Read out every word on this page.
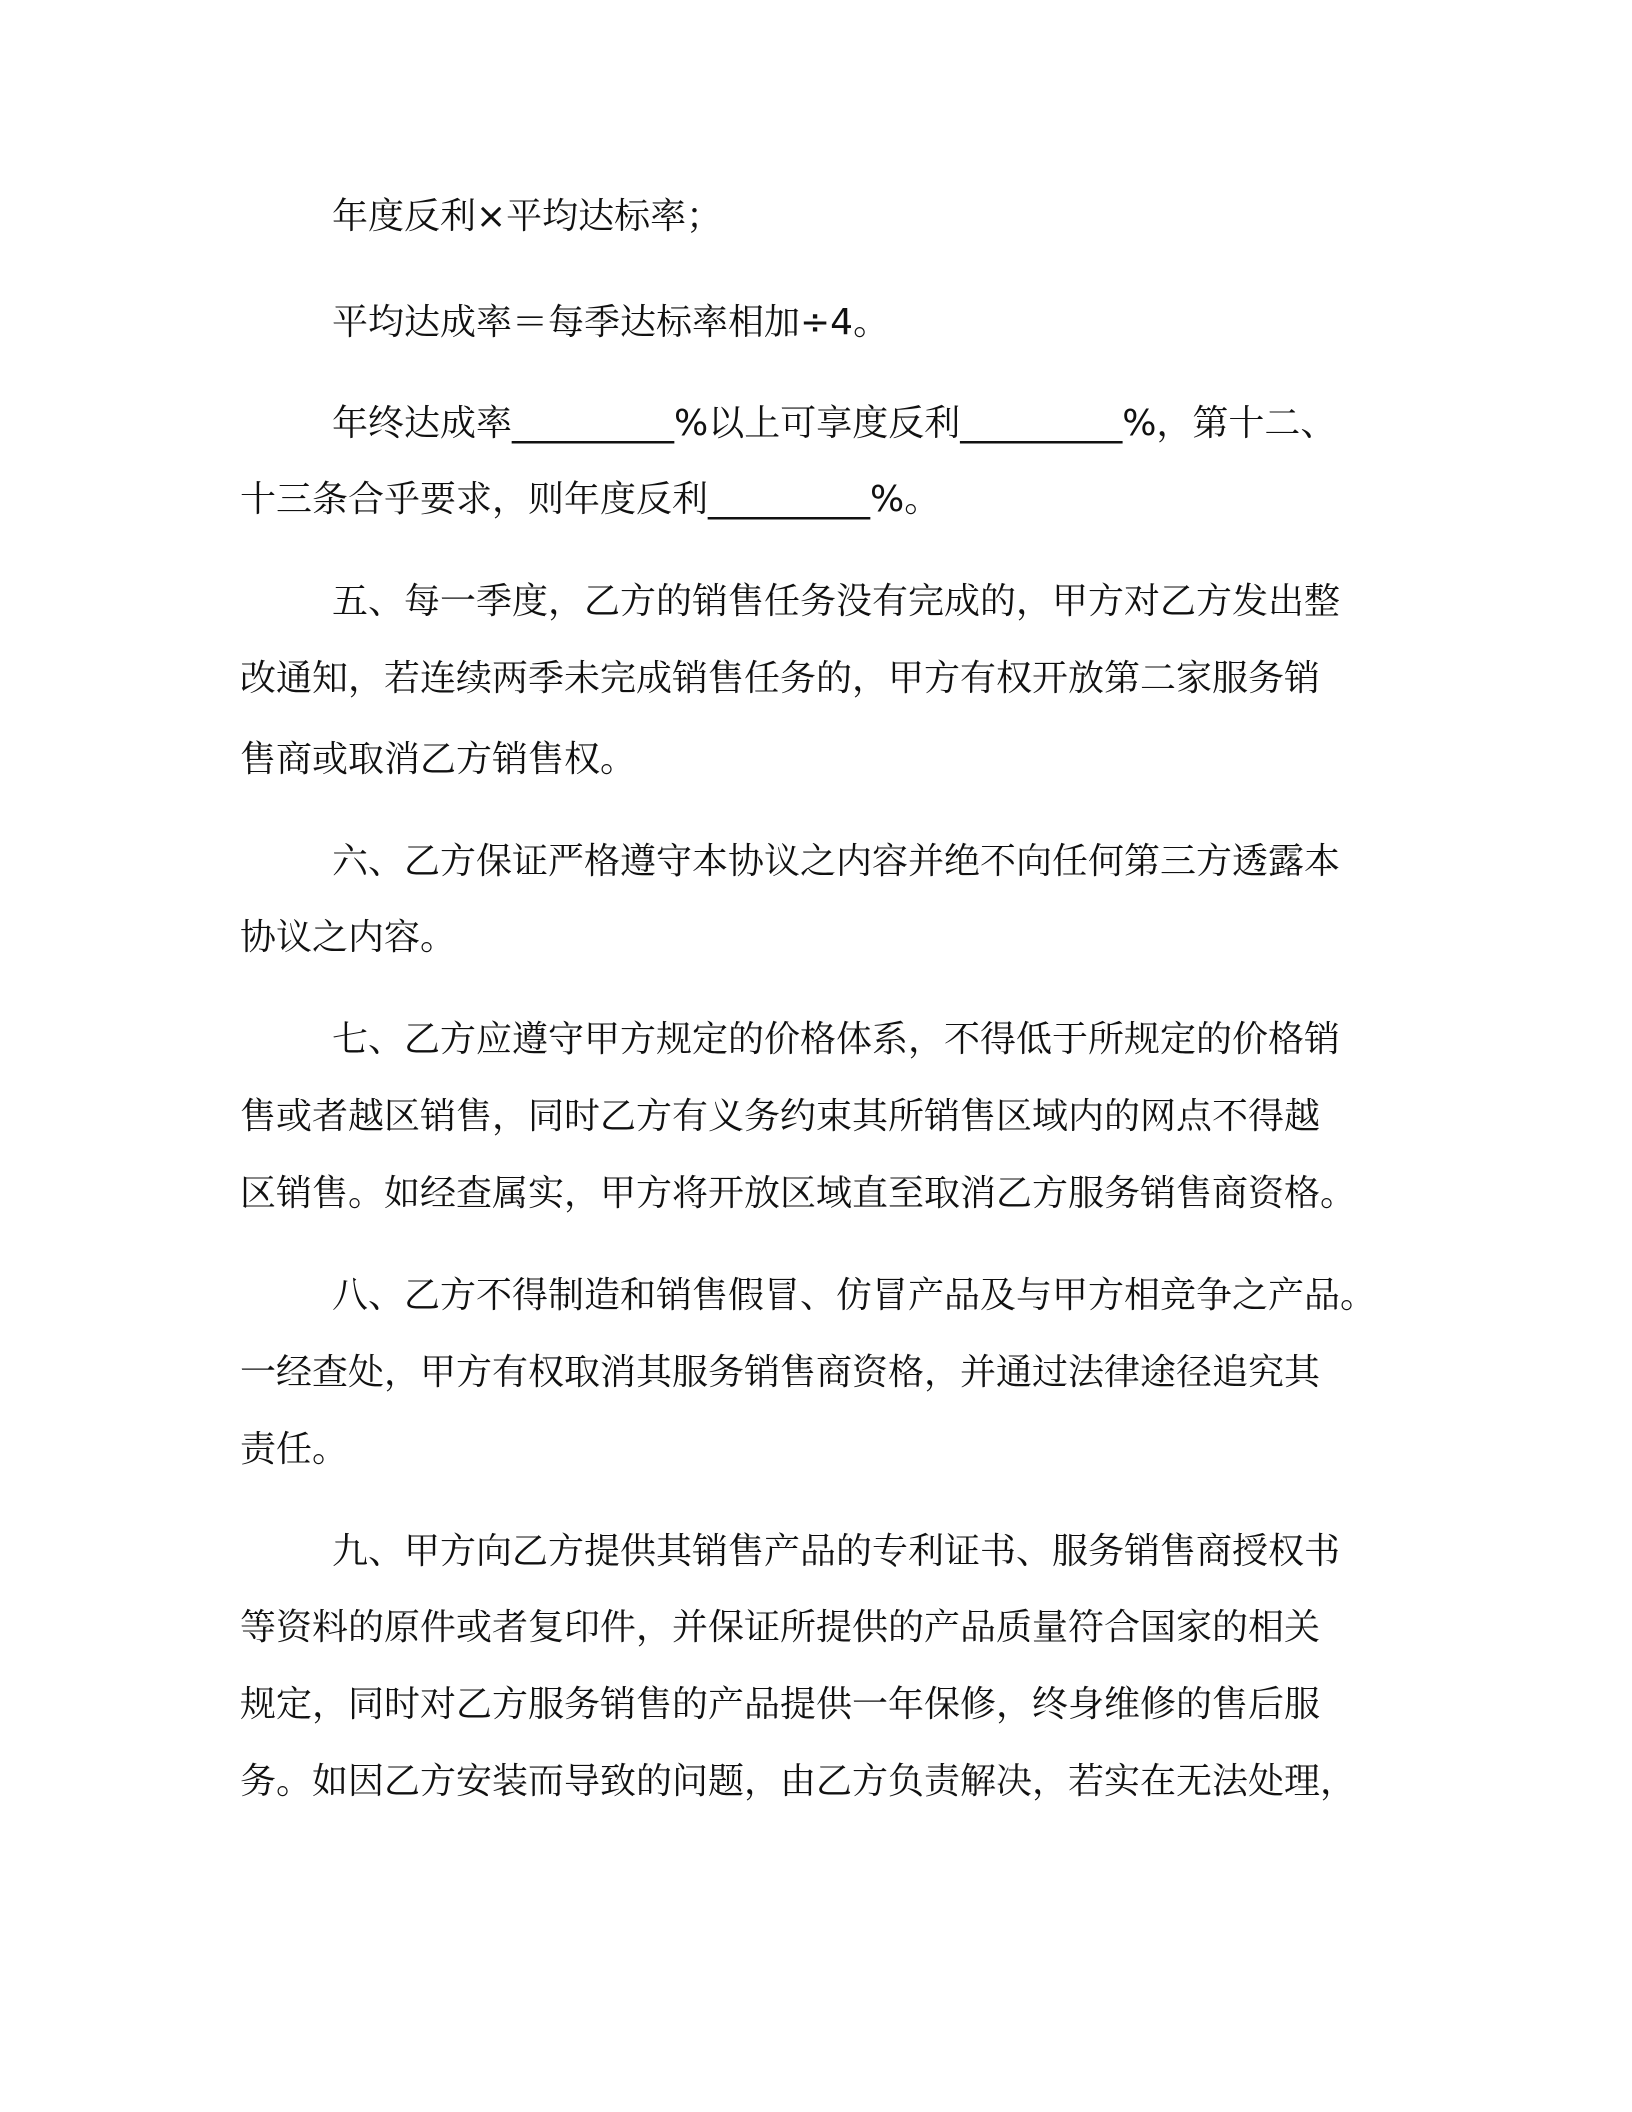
年度反利×平均达标率；
平均达成率＝每季达标率相加÷4。
年终达成率_________%以上可享度反利_________%，第十二、
十三条合乎要求，则年度反利_________%。
五、每一季度，乙方的销售任务没有完成的，甲方对乙方发出整
改通知，若连续两季未完成销售任务的，甲方有权开放第二家服务销
售商或取消乙方销售权。
六、乙方保证严格遵守本协议之内容并绝不向任何第三方透露本
协议之内容。
七、乙方应遵守甲方规定的价格体系，不得低于所规定的价格销
售或者越区销售，同时乙方有义务约束其所销售区域内的网点不得越
区销售。如经查属实，甲方将开放区域直至取消乙方服务销售商资格。
八、乙方不得制造和销售假冒、仿冒产品及与甲方相竞争之产品。
一经查处，甲方有权取消其服务销售商资格，并通过法律途径追究其
责任。
九、甲方向乙方提供其销售产品的专利证书、服务销售商授权书
等资料的原件或者复印件，并保证所提供的产品质量符合国家的相关
规定，同时对乙方服务销售的产品提供一年保修，终身维修的售后服
务。如因乙方安装而导致的问题，由乙方负责解决，若实在无法处理，
